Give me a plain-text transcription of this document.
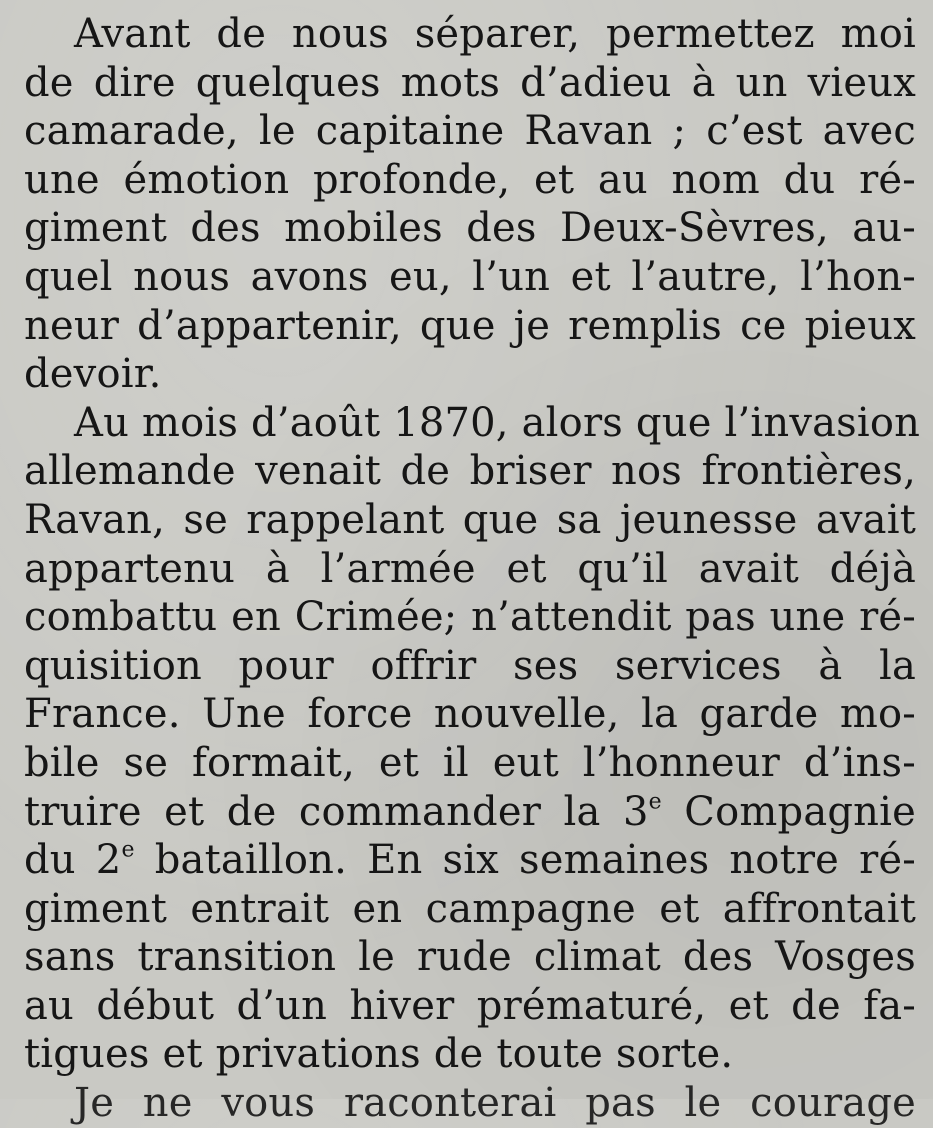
Avant de nous séparer, permettez moi
de dire quelques mots d’adieu à un vieux
camarade, le capitaine Ravan ; c’est avec
une émotion profonde, et au nom du ré-
giment des mobiles des Deux-Sèvres, au-
quel nous avons eu, l’un et l’autre, l’hon-
neur d’appartenir, que je remplis ce pieux
devoir.
Au mois d’août 1870, alors que l’invasion
allemande venait de briser nos frontières,
Ravan, se rappelant que sa jeunesse avait
appartenu à l’armée et qu’il avait déjà
combattu en Crimée; n’attendit pas une ré-
quisition pour offrir ses services à la
France. Une force nouvelle, la garde mo-
bile se formait, et il eut l’honneur d’ins-
truire et de commander la 3e Compagnie
du 2e bataillon. En six semaines notre ré-
giment entrait en campagne et affrontait
sans transition le rude climat des Vosges
au début d’un hiver prématuré, et de fa-
tigues et privations de toute sorte.
Je ne vous raconterai pas le courage
